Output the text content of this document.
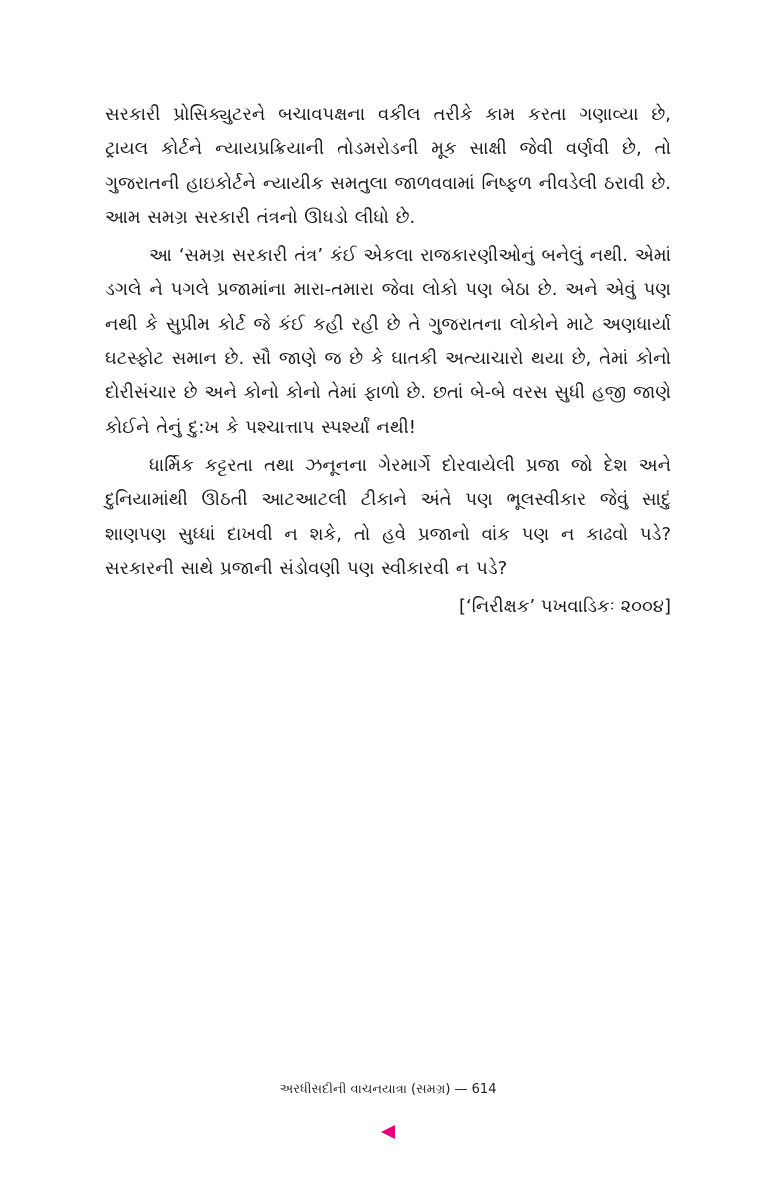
સરકારી પ્રોસિક્યુટરને બચાવપક્ષના વકીલ તરીકે કામ કરતા ગણાવ્યા છે, ટ્રાયલ કોર્ટને ન્યાયપ્રક્રિયાની તોડમરોડની મૂક સાક્ષી જેવી વર્ણવી છે, તો ગુજરાતની હાઇકોર્ટને ન્યાયીક સમતુલા જાળવવામાં નિષ્ફળ નીવડેલી ઠરાવી છે. આમ સમગ્ર સરકારી તંત્રનો ઊધડો લીધો છે.

આ ‘સમગ્ર સરકારી તંત્ર’ કંઈ એકલા રાજકારણીઓનું બનેલું નથી. એમાં ડગલે ને પગલે પ્રજામાંના મારા-તમારા જેવા લોકો પણ બેઠા છે. અને એવું પણ નથી કે સુપ્રીમ કોર્ટ જે કંઈ કહી રહી છે તે ગુજરાતના લોકોને માટે અણધાર્યા ઘટસ્ફોટ સમાન છે. સૌ જાણે જ છે કે ઘાતકી અત્યાચારો થયા છે, તેમાં કોનો દોરીસંચાર છે અને કોનો કોનો તેમાં ફાળો છે. છતાં બે-બે વરસ સુધી હજી જાણે કોઈને તેનું દુ:ખ કે પશ્ચાત્તાપ સ્પર્શ્યાં નથી!

ધાર્મિક કટ્ટરતા તથા ઝનૂનના ગેરમાર્ગે દોરવાયેલી પ્રજા જો દેશ અને દુનિયામાંથી ઊઠતી આટઆટલી ટીકાને અંતે પણ ભૂલસ્વીકાર જેવું સાદું શાણપણ સુધ્ધાં દાખવી ન શકે, તો હવે પ્રજાનો વાંક પણ ન કાઢવો પડે? સરકારની સાથે પ્રજાની સંડોવણી પણ સ્વીકારવી ન પડે?

[‘નિરીક્ષક’ પખવાડિકઃ ૨૦૦૪]
અરધીસદીની વાચનયાત્રા (સમગ્ર) — 614
